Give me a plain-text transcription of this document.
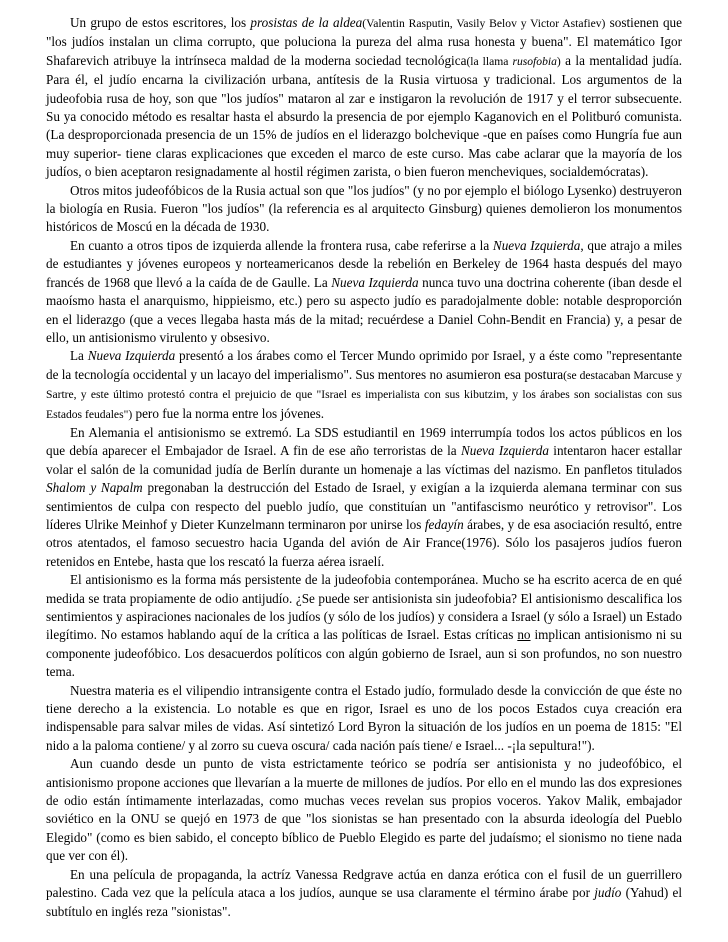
Un grupo de estos escritores, los prosistas de la aldea(Valentin Rasputin, Vasily Belov y Victor Astafiev) sostienen que "los judíos instalan un clima corrupto, que poluciona la pureza del alma rusa honesta y buena". El matemático Igor Shafarevich atribuye la intrínseca maldad de la moderna sociedad tecnológica(la llama rusofobia) a la mentalidad judía. Para él, el judío encarna la civilización urbana, antítesis de la Rusia virtuosa y tradicional. Los argumentos de la judeofobia rusa de hoy, son que "los judíos" mataron al zar e instigaron la revolución de 1917 y el terror subsecuente. Su ya conocido método es resaltar hasta el absurdo la presencia de por ejemplo Kaganovich en el Politburó comunista. (La desproporcionada presencia de un 15% de judíos en el liderazgo bolchevique -que en países como Hungría fue aun muy superior- tiene claras explicaciones que exceden el marco de este curso. Mas cabe aclarar que la mayoría de los judíos, o bien aceptaron resignadamente al hostil régimen zarista, o bien fueron mencheviques, socialdemócratas).

Otros mitos judeofóbicos de la Rusia actual son que "los judíos" (y no por ejemplo el biólogo Lysenko) destruyeron la biología en Rusia. Fueron "los judíos" (la referencia es al arquitecto Ginsburg) quienes demolieron los monumentos históricos de Moscú en la década de 1930.

En cuanto a otros tipos de izquierda allende la frontera rusa, cabe referirse a la Nueva Izquierda, que atrajo a miles de estudiantes y jóvenes europeos y norteamericanos desde la rebelión en Berkeley de 1964 hasta después del mayo francés de 1968 que llevó a la caída de de Gaulle. La Nueva Izquierda nunca tuvo una doctrina coherente (iban desde el maoísmo hasta el anarquismo, hippieismo, etc.) pero su aspecto judío es paradojalmente doble: notable desproporción en el liderazgo (que a veces llegaba hasta más de la mitad; recuérdese a Daniel Cohn-Bendit en Francia) y, a pesar de ello, un antisionismo virulento y obsesivo.

La Nueva Izquierda presentó a los árabes como el Tercer Mundo oprimido por Israel, y a éste como "representante de la tecnología occidental y un lacayo del imperialismo". Sus mentores no asumieron esa postura(se destacaban Marcuse y Sartre, y este último protestó contra el prejuicio de que "Israel es imperialista con sus kibutzim, y los árabes son socialistas con sus Estados feudales") pero fue la norma entre los jóvenes.

En Alemania el antisionismo se extremó. La SDS estudiantil en 1969 interrumpía todos los actos públicos en los que debía aparecer el Embajador de Israel. A fin de ese año terroristas de la Nueva Izquierda intentaron hacer estallar volar el salón de la comunidad judía de Berlín durante un homenaje a las víctimas del nazismo. En panfletos titulados Shalom y Napalm pregonaban la destrucción del Estado de Israel, y exigían a la izquierda alemana terminar con sus sentimientos de culpa con respecto del pueblo judío, que constituían un "antifascismo neurótico y retrovisor". Los líderes Ulrike Meinhof y Dieter Kunzelmann terminaron por unirse los fedayín árabes, y de esa asociación resultó, entre otros atentados, el famoso secuestro hacia Uganda del avión de Air France(1976). Sólo los pasajeros judíos fueron retenidos en Entebe, hasta que los rescató la fuerza aérea israelí.

El antisionismo es la forma más persistente de la judeofobia contemporánea. Mucho se ha escrito acerca de en qué medida se trata propiamente de odio antijudío. ¿Se puede ser antisionista sin judeofobia? El antisionismo descalifica los sentimientos y aspiraciones nacionales de los judíos (y sólo de los judíos) y considera a Israel (y sólo a Israel) un Estado ilegítimo. No estamos hablando aquí de la crítica a las políticas de Israel. Estas críticas no implican antisionismo ni su componente judeofóbico. Los desacuerdos políticos con algún gobierno de Israel, aun si son profundos, no son nuestro tema.

Nuestra materia es el vilipendio intransigente contra el Estado judío, formulado desde la convicción de que éste no tiene derecho a la existencia. Lo notable es que en rigor, Israel es uno de los pocos Estados cuya creación era indispensable para salvar miles de vidas. Así sintetizó Lord Byron la situación de los judíos en un poema de 1815: "El nido a la paloma contiene/ y al zorro su cueva oscura/ cada nación país tiene/ e Israel... -¡la sepultura!").

Aun cuando desde un punto de vista estrictamente teórico se podría ser antisionista y no judeofóbico, el antisionismo propone acciones que llevarían a la muerte de millones de judíos. Por ello en el mundo las dos expresiones de odio están íntimamente interlazadas, como muchas veces revelan sus propios voceros. Yakov Malik, embajador soviético en la ONU se quejó en 1973 de que "los sionistas se han presentado con la absurda ideología del Pueblo Elegido" (como es bien sabido, el concepto bíblico de Pueblo Elegido es parte del judaísmo; el sionismo no tiene nada que ver con él).

En una película de propaganda, la actríz Vanessa Redgrave actúa en danza erótica con el fusil de un guerrillero palestino. Cada vez que la película ataca a los judíos, aunque se usa claramente el término árabe por judío (Yahud) el subtítulo en inglés reza "sionistas".
